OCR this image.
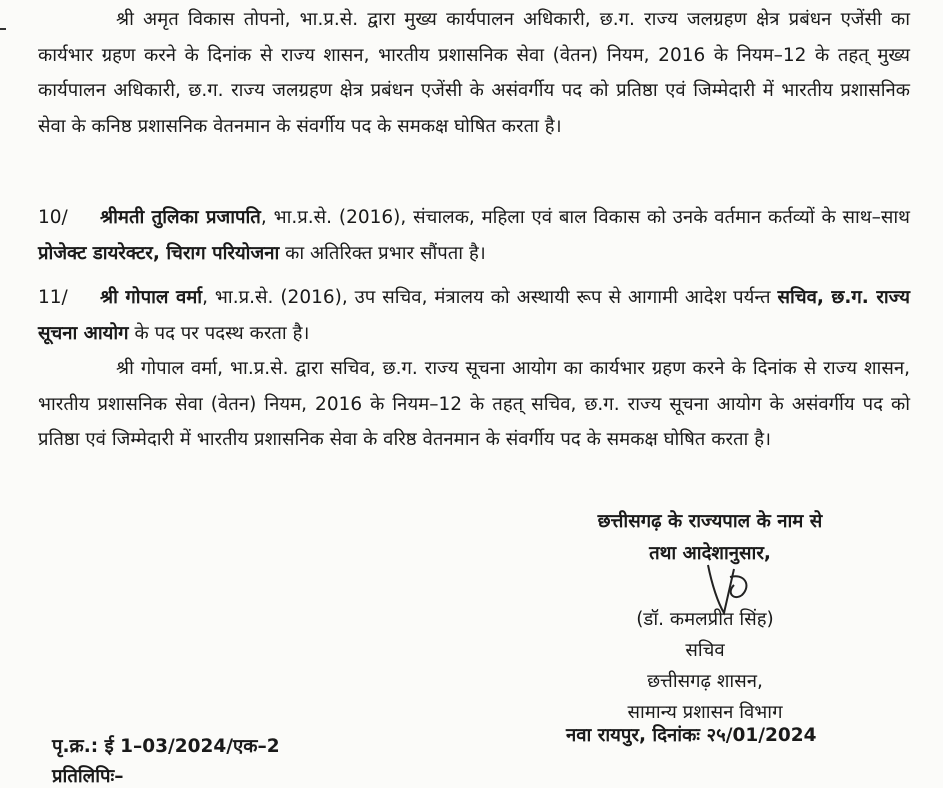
श्री अमृत विकास तोपनो, भा.प्र.से. द्वारा मुख्य कार्यपालन अधिकारी, छ.ग. राज्य जलग्रहण क्षेत्र प्रबंधन एजेंसी का कार्यभार ग्रहण करने के दिनांक से राज्य शासन, भारतीय प्रशासनिक सेवा (वेतन) नियम, 2016 के नियम–12 के तहत् मुख्य कार्यपालन अधिकारी, छ.ग. राज्य जलग्रहण क्षेत्र प्रबंधन एजेंसी के असंवर्गीय पद को प्रतिष्ठा एवं जिम्मेदारी में भारतीय प्रशासनिक सेवा के कनिष्ठ प्रशासनिक वेतनमान के संवर्गीय पद के समकक्ष घोषित करता है।

10/ श्रीमती तुलिका प्रजापति, भा.प्र.से. (2016), संचालक, महिला एवं बाल विकास को उनके वर्तमान कर्तव्यों के साथ–साथ प्रोजेक्ट डायरेक्टर, चिराग परियोजना का अतिरिक्त प्रभार सौंपता है।

11/ श्री गोपाल वर्मा, भा.प्र.से. (2016), उप सचिव, मंत्रालय को अस्थायी रूप से आगामी आदेश पर्यन्त सचिव, छ.ग. राज्य सूचना आयोग के पद पर पदस्थ करता है।

श्री गोपाल वर्मा, भा.प्र.से. द्वारा सचिव, छ.ग. राज्य सूचना आयोग का कार्यभार ग्रहण करने के दिनांक से राज्य शासन, भारतीय प्रशासनिक सेवा (वेतन) नियम, 2016 के नियम–12 के तहत् सचिव, छ.ग. राज्य सूचना आयोग के असंवर्गीय पद को प्रतिष्ठा एवं जिम्मेदारी में भारतीय प्रशासनिक सेवा के वरिष्ठ वेतनमान के संवर्गीय पद के समकक्ष घोषित करता है।

छत्तीसगढ़ के राज्यपाल के नाम से
तथा आदेशानुसार,
(डॉ. कमलप्रीत सिंह)
सचिव
छत्तीसगढ़ शासन,
सामान्य प्रशासन विभाग
नवा रायपुर, दिनांकः २५/01/2024
पृ.क्र.: ई 1–03/2024/एक–2
प्रतिलिपिः–
